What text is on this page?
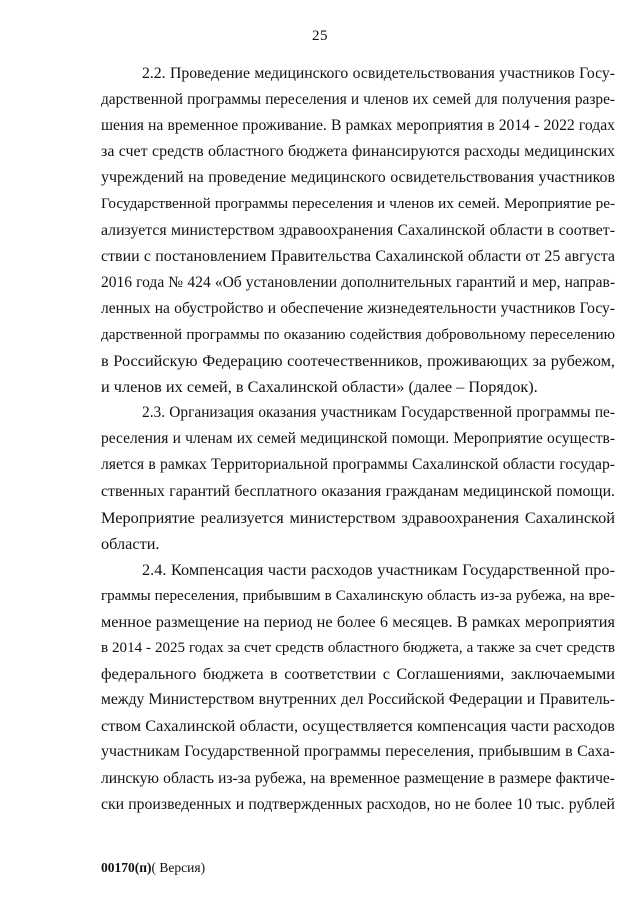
25

2.2. Проведение медицинского освидетельствования участников Госу-
дарственной программы переселения и членов их семей для получения разре-
шения на временное проживание. В рамках мероприятия в 2014 - 2022 годах
за счет средств областного бюджета финансируются расходы медицинских
учреждений на проведение медицинского освидетельствования участников
Государственной программы переселения и членов их семей. Мероприятие ре-
ализуется министерством здравоохранения Сахалинской области в соответ-
ствии с постановлением Правительства Сахалинской области от 25 августа
2016 года № 424 «Об установлении дополнительных гарантий и мер, направ-
ленных на обустройство и обеспечение жизнедеятельности участников Госу-
дарственной программы по оказанию содействия добровольному переселению
в Российскую Федерацию соотечественников, проживающих за рубежом,
и членов их семей, в Сахалинской области» (далее – Порядок).

2.3. Организация оказания участникам Государственной программы пе-
реселения и членам их семей медицинской помощи. Мероприятие осуществ-
ляется в рамках Территориальной программы Сахалинской области государ-
ственных гарантий бесплатного оказания гражданам медицинской помощи.
Мероприятие реализуется министерством здравоохранения Сахалинской
области.

2.4. Компенсация части расходов участникам Государственной про-
граммы переселения, прибывшим в Сахалинскую область из-за рубежа, на вре-
менное размещение на период не более 6 месяцев. В рамках мероприятия
в 2014 - 2025 годах за счет средств областного бюджета, а также за счет средств
федерального бюджета в соответствии с Соглашениями, заключаемыми
между Министерством внутренних дел Российской Федерации и Правитель-
ством Сахалинской области, осуществляется компенсация части расходов
участникам Государственной программы переселения, прибывшим в Саха-
линскую область из-за рубежа, на временное размещение в размере фактиче-
ски произведенных и подтвержденных расходов, но не более 10 тыс. рублей

00170(п)( Версия)
